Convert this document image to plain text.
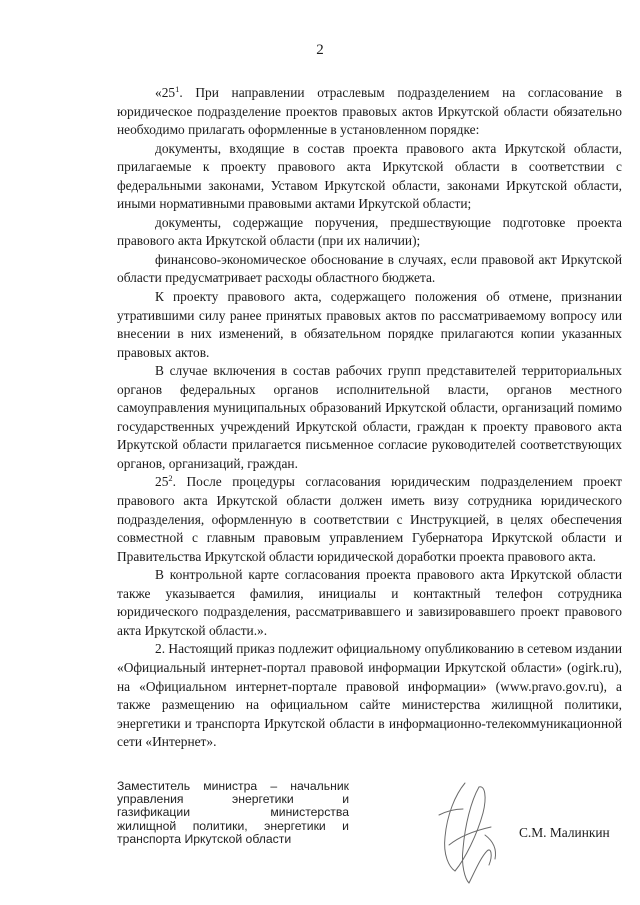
2

«$25^1$. При направлении отраслевым подразделением на согласование в юридическое подразделение проектов правовых актов Иркутской области обязательно необходимо прилагать оформленные в установленном порядке:

документы, входящие в состав проекта правового акта Иркутской области, прилагаемые к проекту правового акта Иркутской области в соответствии с федеральными законами, Уставом Иркутской области, законами Иркутской области, иными нормативными правовыми актами Иркутской области;

документы, содержащие поручения, предшествующие подготовке проекта правового акта Иркутской области (при их наличии);

финансово-экономическое обоснование в случаях, если правовой акт Иркутской области предусматривает расходы областного бюджета.

К проекту правового акта, содержащего положения об отмене, признании утратившими силу ранее принятых правовых актов по рассматриваемому вопросу или внесении в них изменений, в обязательном порядке прилагаются копии указанных правовых актов.

В случае включения в состав рабочих групп представителей территориальных органов федеральных органов исполнительной власти, органов местного самоуправления муниципальных образований Иркутской области, организаций помимо государственных учреждений Иркутской области, граждан к проекту правового акта Иркутской области прилагается письменное согласие руководителей соответствующих органов, организаций, граждан.

$25^2$. После процедуры согласования юридическим подразделением проект правового акта Иркутской области должен иметь визу сотрудника юридического подразделения, оформленную в соответствии с Инструкцией, в целях обеспечения совместной с главным правовым управлением Губернатора Иркутской области и Правительства Иркутской области юридической доработки проекта правового акта.

В контрольной карте согласования проекта правового акта Иркутской области также указывается фамилия, инициалы и контактный телефон сотрудника юридического подразделения, рассматривавшего и завизировавшего проект правового акта Иркутской области.».

2. Настоящий приказ подлежит официальному опубликованию в сетевом издании «Официальный интернет-портал правовой информации Иркутской области» (ogirk.ru), на «Официальном интернет-портале правовой информации» (www.pravo.gov.ru), а также размещению на официальном сайте министерства жилищной политики, энергетики и транспорта Иркутской области в информационно-телекоммуникационной сети «Интернет».

Заместитель министра – начальник
управления энергетики и
газификации министерства
жилищной политики, энергетики и
транспорта Иркутской области	С.М. Малинкин
